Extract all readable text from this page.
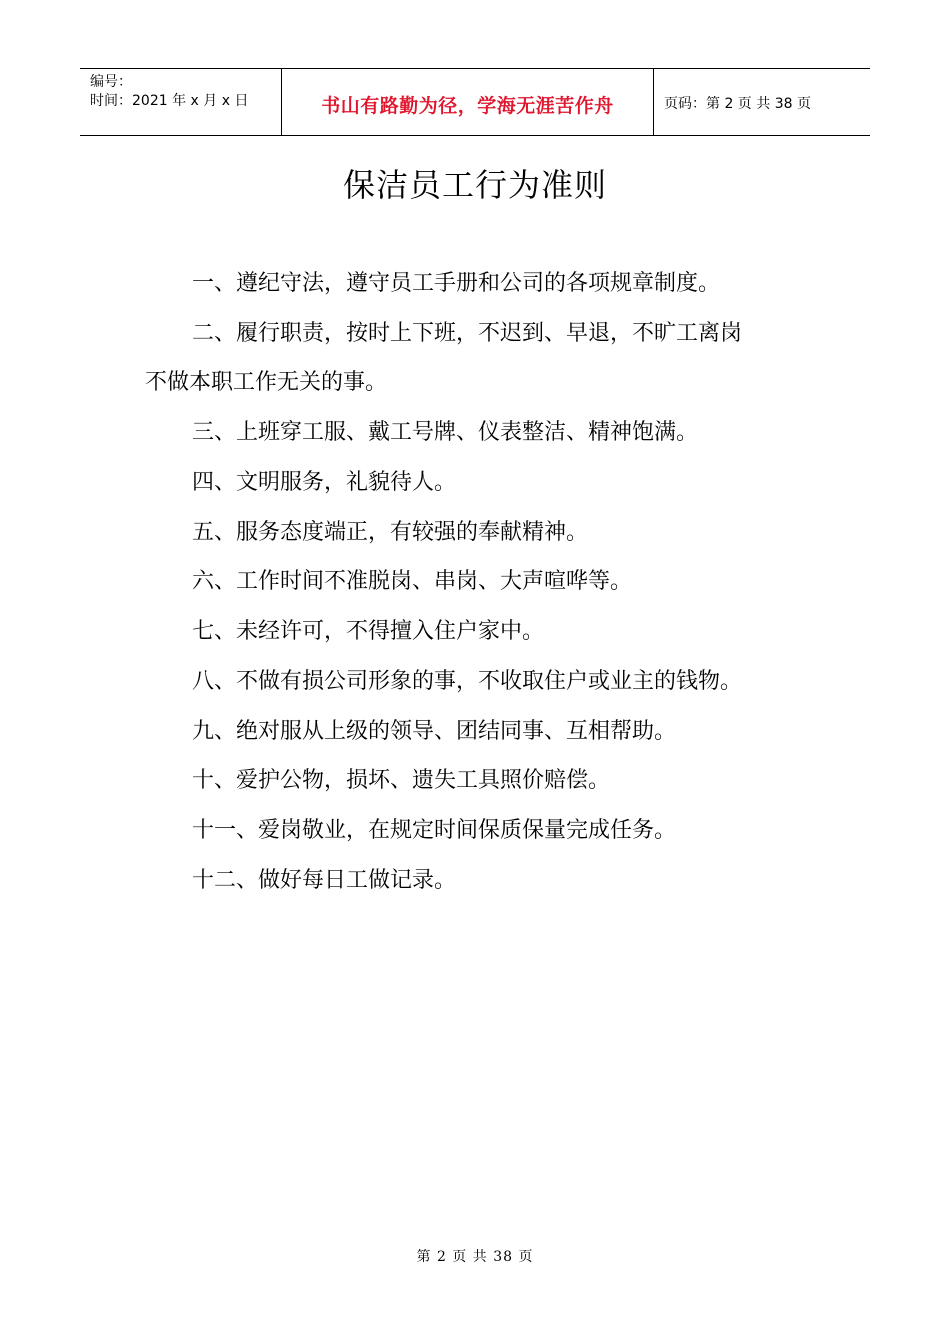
编号：
时间：2021 年 x 月 x 日	书山有路勤为径，学海无涯苦作舟	页码：第 2 页 共 38 页
保洁员工行为准则
一、遵纪守法，遵守员工手册和公司的各项规章制度。
二、履行职责，按时上下班，不迟到、早退，不旷工离岗
不做本职工作无关的事。
三、上班穿工服、戴工号牌、仪表整洁、精神饱满。
四、文明服务，礼貌待人。
五、服务态度端正，有较强的奉献精神。
六、工作时间不准脱岗、串岗、大声喧哗等。
七、未经许可，不得擅入住户家中。
八、不做有损公司形象的事，不收取住户或业主的钱物。
九、绝对服从上级的领导、团结同事、互相帮助。
十、爱护公物，损坏、遗失工具照价赔偿。
十一、爱岗敬业，在规定时间保质保量完成任务。
十二、做好每日工做记录。
第 2 页 共 38 页
